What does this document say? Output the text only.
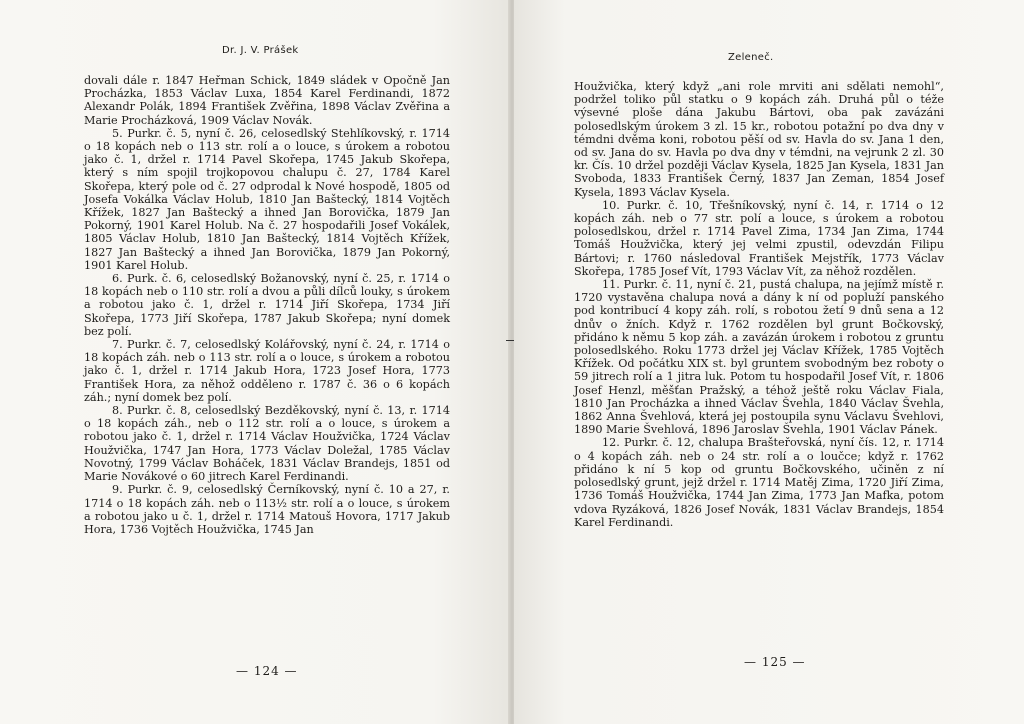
Dr. J. V. Prášek

dovali dále r. 1847 Heřman Schick, 1849 sládek v Opočně Jan Procházka, 1853 Václav Luxa, 1854 Karel Ferdinandi, 1872 Alexandr Polák, 1894 František Zvěřina, 1898 Václav Zvěřina a Marie Procházková, 1909 Václav Novák.

5. Purkr. č. 5, nyní č. 26, celosedlský Stehlíkovský, r. 1714 o 18 kopách neb o 113 str. rolí a o louce, s úrokem a robotou jako č. 1, držel r. 1714 Pavel Skořepa, 1745 Jakub Skořepa, který s ním spojil trojkopovou chalupu č. 27, 1784 Karel Skořepa, který pole od č. 27 odprodal k Nové hospodě, 1805 od Josefa Vokálka Václav Holub, 1810 Jan Baštecký, 1814 Vojtěch Křížek, 1827 Jan Baštecký a ihned Jan Borovička, 1879 Jan Pokorný, 1901 Karel Holub. Na č. 27 hospodařili Josef Vokálek, 1805 Václav Holub, 1810 Jan Baštecký, 1814 Vojtěch Křížek, 1827 Jan Baštecký a ihned Jan Borovička, 1879 Jan Pokorný, 1901 Karel Holub.

6. Purk. č. 6, celosedlský Božanovský, nyní č. 25, r. 1714 o 18 kopách neb o 110 str. rolí a dvou a půli dílců louky, s úrokem a robotou jako č. 1, držel r. 1714 Jiří Skořepa, 1734 Jiří Skořepa, 1773 Jiří Skořepa, 1787 Jakub Skořepa; nyní domek bez polí.

7. Purkr. č. 7, celosedlský Kolářovský, nyní č. 24, r. 1714 o 18 kopách záh. neb o 113 str. rolí a o louce, s úrokem a robotou jako č. 1, držel r. 1714 Jakub Hora, 1723 Josef Hora, 1773 František Hora, za něhož odděleno r. 1787 č. 36 o 6 kopách záh.; nyní domek bez polí.

8. Purkr. č. 8, celosedlský Bezděkovský, nyní č. 13, r. 1714 o 18 kopách záh., neb o 112 str. rolí a o louce, s úrokem a robotou jako č. 1, držel r. 1714 Václav Houžvička, 1724 Václav Houžvička, 1747 Jan Hora, 1773 Václav Doležal, 1785 Václav Novotný, 1799 Václav Boháček, 1831 Václav Brandejs, 1851 od Marie Novákové o 60 jitrech Karel Ferdinandi.

9. Purkr. č. 9, celosedlský Černíkovský, nyní č. 10 a 27, r. 1714 o 18 kopách záh. neb o 113½ str. rolí a o louce, s úrokem a robotou jako u č. 1, držel r. 1714 Matouš Hovora, 1717 Jakub Hora, 1736 Vojtěch Houžvička, 1745 Jan

— 124 —
Zeleneč.

Houžvička, který když „ani role mrviti ani sdělati nemohl“, podržel toliko půl statku o 9 kopách záh. Druhá půl o téže výsevné ploše dána Jakubu Bártovi, oba pak zavázáni polosedlským úrokem 3 zl. 15 kr., robotou potažní po dva dny v témdni dvěma koni, robotou pěší od sv. Havla do sv. Jana 1 den, od sv. Jana do sv. Havla po dva dny v témdni, na vejrunk 2 zl. 30 kr. Čís. 10 držel později Václav Kysela, 1825 Jan Kysela, 1831 Jan Svoboda, 1833 František Černý, 1837 Jan Zeman, 1854 Josef Kysela, 1893 Václav Kysela.

10. Purkr. č. 10, Třešníkovský, nyní č. 14, r. 1714 o 12 kopách záh. neb o 77 str. polí a louce, s úrokem a robotou polosedlskou, držel r. 1714 Pavel Zima, 1734 Jan Zima, 1744 Tomáš Houžvička, který jej velmi zpustil, odevzdán Filipu Bártovi; r. 1760 následoval František Mejstřík, 1773 Václav Skořepa, 1785 Josef Vít, 1793 Václav Vít, za něhož rozdělen.

11. Purkr. č. 11, nyní č. 21, pustá chalupa, na jejímž místě r. 1720 vystavěna chalupa nová a dány k ní od popluží panského pod kontribucí 4 kopy záh. rolí, s robotou žetí 9 dnů sena a 12 dnův o žních. Když r. 1762 rozdělen byl grunt Bočkovský, přidáno k němu 5 kop záh. a zavázán úrokem i robotou z gruntu polosedlského. Roku 1773 držel jej Václav Křížek, 1785 Vojtěch Křížek. Od počátku XIX st. byl gruntem svobodným bez roboty o 59 jitrech rolí a 1 jitra luk. Potom tu hospodařil Josef Vít, r. 1806 Josef Henzl, měšťan Pražský, a téhož ještě roku Václav Fiala, 1810 Jan Procházka a ihned Václav Švehla, 1840 Václav Švehla, 1862 Anna Švehlová, která jej postoupila synu Václavu Švehlovi, 1890 Marie Švehlová, 1896 Jaroslav Švehla, 1901 Václav Pánek.

12. Purkr. č. 12, chalupa Brašteřovská, nyní čís. 12, r. 1714 o 4 kopách záh. neb o 24 str. rolí a o loučce; když r. 1762 přidáno k ní 5 kop od gruntu Bočkovského, učiněn z ní polosedlský grunt, jejž držel r. 1714 Matěj Zima, 1720 Jiří Zima, 1736 Tomáš Houžvička, 1744 Jan Zima, 1773 Jan Mafka, potom vdova Ryzáková, 1826 Josef Novák, 1831 Václav Brandejs, 1854 Karel Ferdinandi.

— 125 —
